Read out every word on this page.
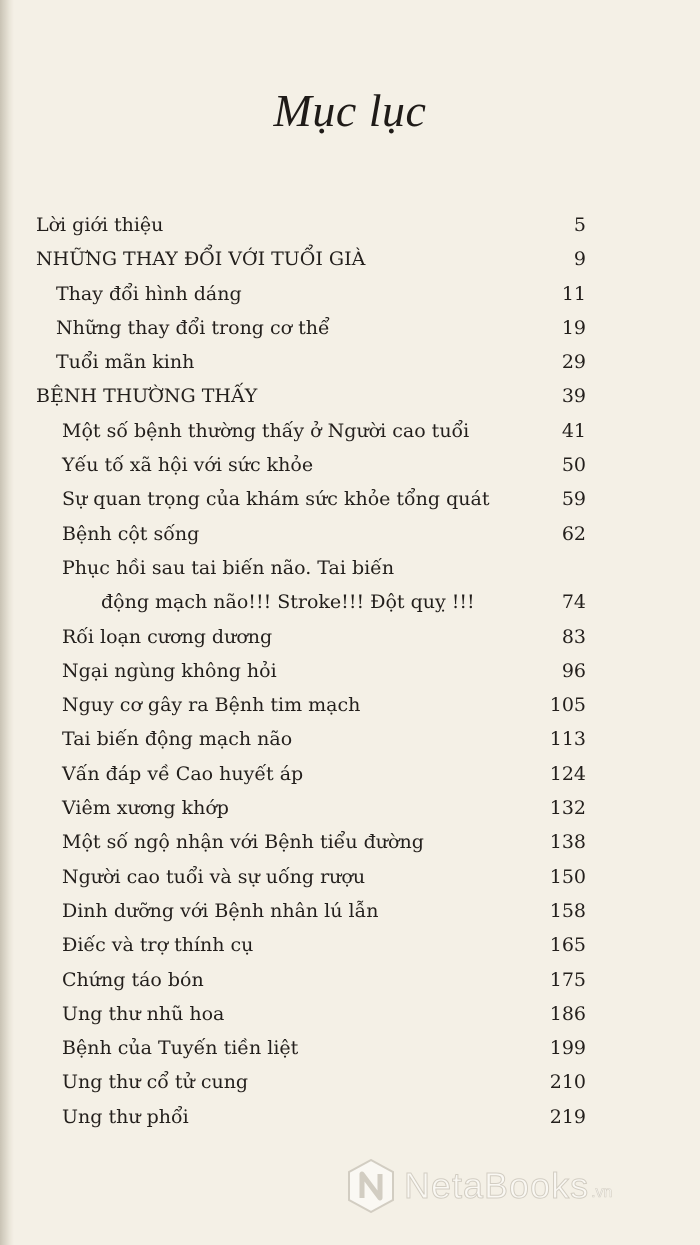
Mục lục
Lời giới thiệu	5
NHỮNG THAY ĐỔI VỚI TUỔI GIÀ	9
Thay đổi hình dáng	11
Những thay đổi trong cơ thể	19
Tuổi mãn kinh	29
BỆNH THƯỜNG THẤY	39
Một số bệnh thường thấy ở Người cao tuổi	41
Yếu tố xã hội với sức khỏe	50
Sự quan trọng của khám sức khỏe tổng quát	59
Bệnh cột sống	62
Phục hồi sau tai biến não. Tai biến
động mạch não!!! Stroke!!! Đột quỵ !!!	74
Rối loạn cương dương	83
Ngại ngùng không hỏi	96
Nguy cơ gây ra Bệnh tim mạch	105
Tai biến động mạch não	113
Vấn đáp về Cao huyết áp	124
Viêm xương khớp	132
Một số ngộ nhận với Bệnh tiểu đường	138
Người cao tuổi và sự uống rượu	150
Dinh dưỡng với Bệnh nhân lú lẫn	158
Điếc và trợ thính cụ	165
Chứng táo bón	175
Ung thư nhũ hoa	186
Bệnh của Tuyến tiền liệt	199
Ung thư cổ tử cung	210
Ung thư phổi	219
NetaBooks .vn
